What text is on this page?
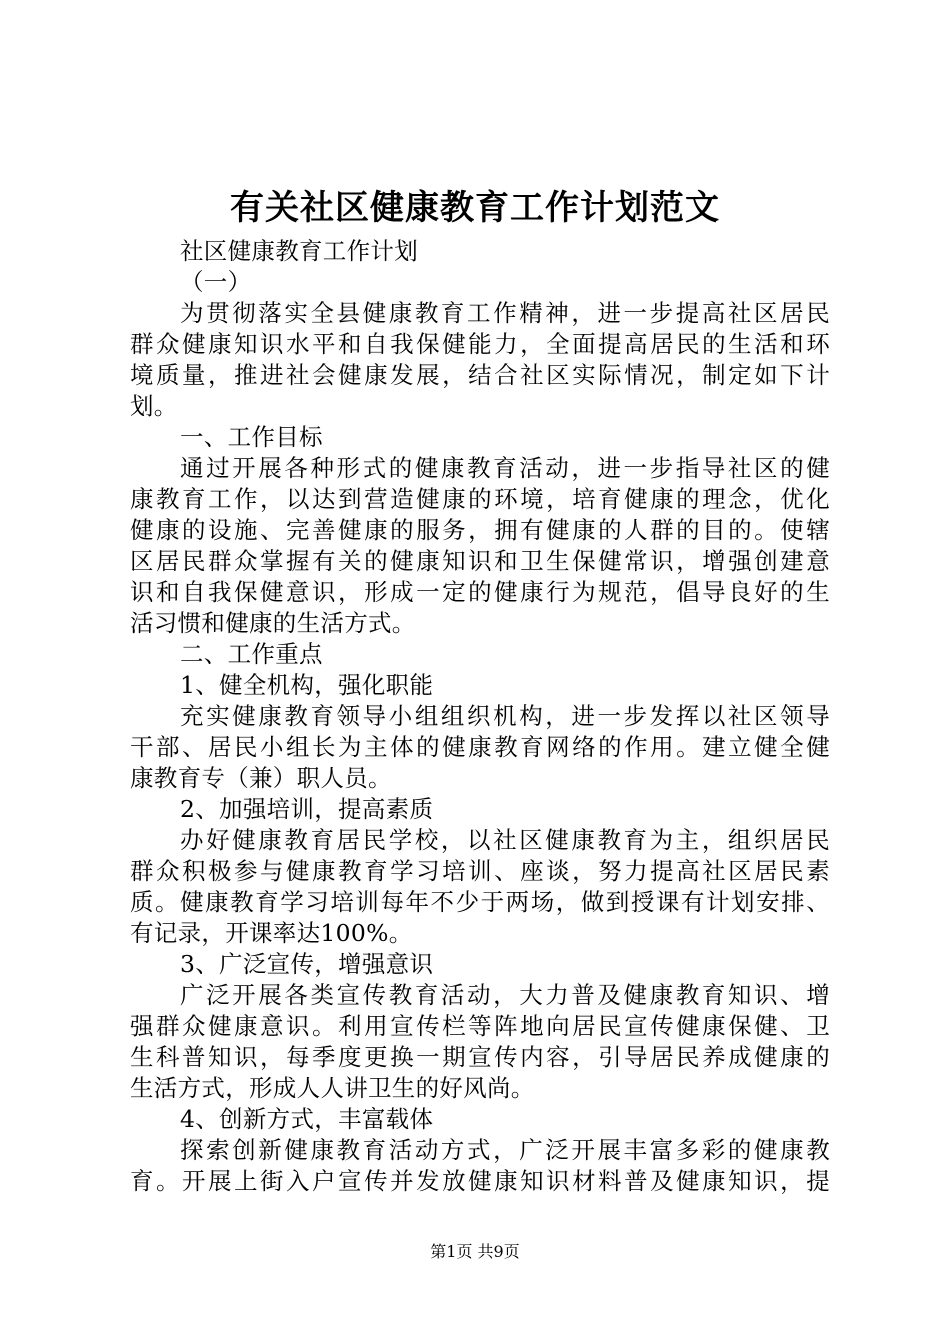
有关社区健康教育工作计划范文
社区健康教育工作计划
（一）
为贯彻落实全县健康教育工作精神，进一步提高社区居民
群众健康知识水平和自我保健能力，全面提高居民的生活和环
境质量，推进社会健康发展，结合社区实际情况，制定如下计
划。
一、工作目标
通过开展各种形式的健康教育活动，进一步指导社区的健
康教育工作，以达到营造健康的环境，培育健康的理念，优化
健康的设施、完善健康的服务，拥有健康的人群的目的。使辖
区居民群众掌握有关的健康知识和卫生保健常识，增强创建意
识和自我保健意识，形成一定的健康行为规范，倡导良好的生
活习惯和健康的生活方式。
二、工作重点
1、健全机构，强化职能
充实健康教育领导小组组织机构，进一步发挥以社区领导
干部、居民小组长为主体的健康教育网络的作用。建立健全健
康教育专（兼）职人员。
2、加强培训，提高素质
办好健康教育居民学校，以社区健康教育为主，组织居民
群众积极参与健康教育学习培训、座谈，努力提高社区居民素
质。健康教育学习培训每年不少于两场，做到授课有计划安排、
有记录，开课率达100%。
3、广泛宣传，增强意识
广泛开展各类宣传教育活动，大力普及健康教育知识、增
强群众健康意识。利用宣传栏等阵地向居民宣传健康保健、卫
生科普知识，每季度更换一期宣传内容，引导居民养成健康的
生活方式，形成人人讲卫生的好风尚。
4、创新方式，丰富载体
探索创新健康教育活动方式，广泛开展丰富多彩的健康教
育。开展上街入户宣传并发放健康知识材料普及健康知识，提
第1页 共9页
